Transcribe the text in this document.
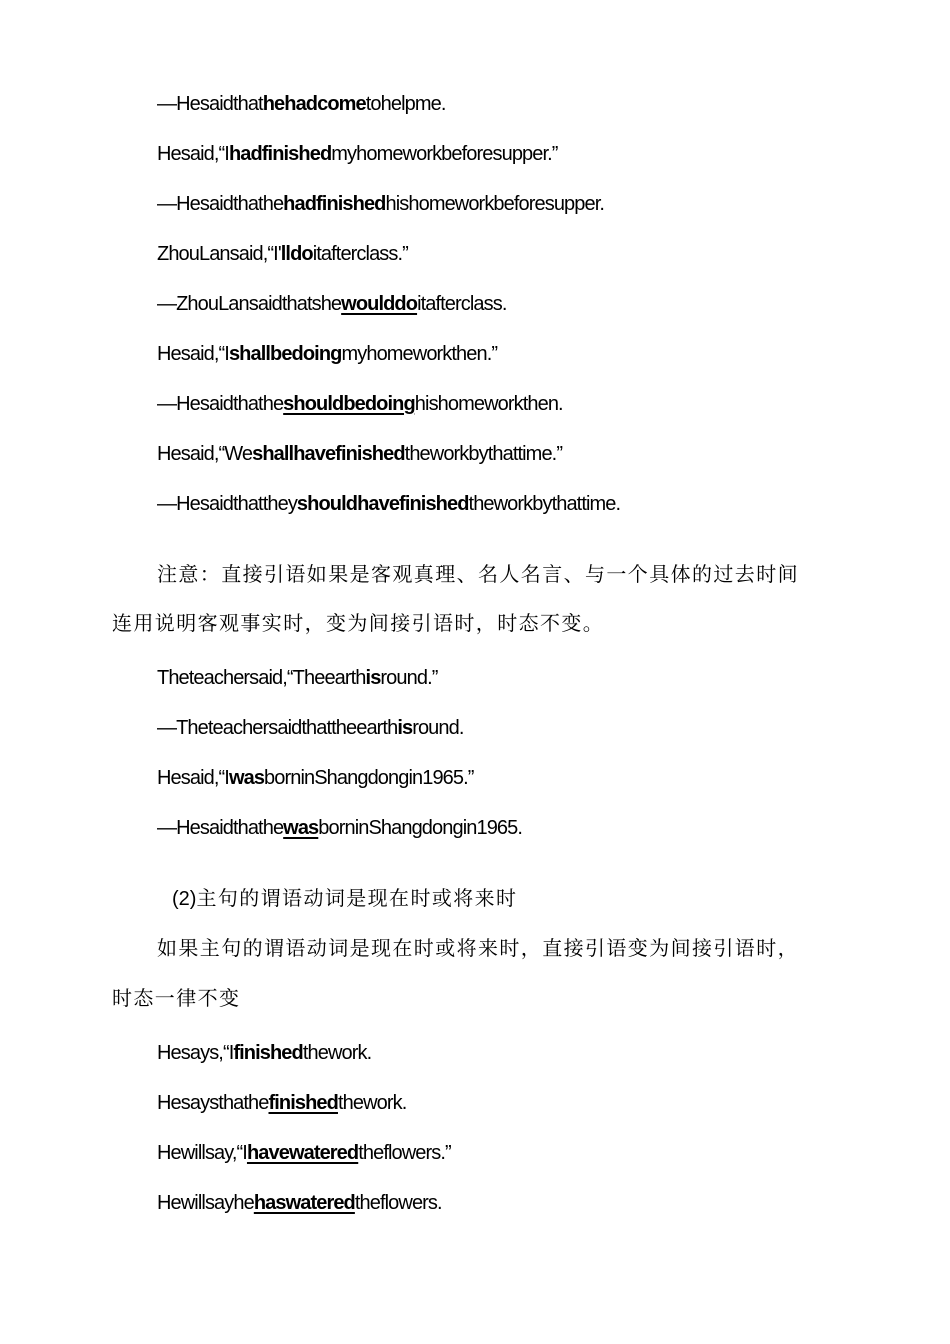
—Hesaidthathehadcometohelpme.
Hesaid,“Ihadfinishedmyhomeworkbeforesupper.”
—Hesaidthathehadfinishedhishomeworkbeforesupper.
ZhouLansaid,“I'lldoitafterclass.”
—ZhouLansaidthatshewoulddoitafterclass.
Hesaid,“Ishallbedoingmyhomeworkthen.”
—Hesaidthatheshouldbedoinghishomeworkthen.
Hesaid,“Weshallhavefinishedtheworkbythattime.”
—Hesaidthattheyshouldhavefinishedtheworkbythattime.
注意：直接引语如果是客观真理、名人名言、与一个具体的过去时间
连用说明客观事实时，变为间接引语时，时态不变。
Theteachersaid,“Theearthisround.”
—Theteachersaidthattheearthisround.
Hesaid,“IwasborninShangdongin1965.”
—HesaidthathewasborninShangdongin1965.
(2)主句的谓语动词是现在时或将来时
如果主句的谓语动词是现在时或将来时，直接引语变为间接引语时，
时态一律不变
Hesays,“Ifinishedthework.
Hesaysthathefinishedthework.
Hewillsay,“Ihavewateredtheflowers.”
Hewillsayhehaswateredtheflowers.
